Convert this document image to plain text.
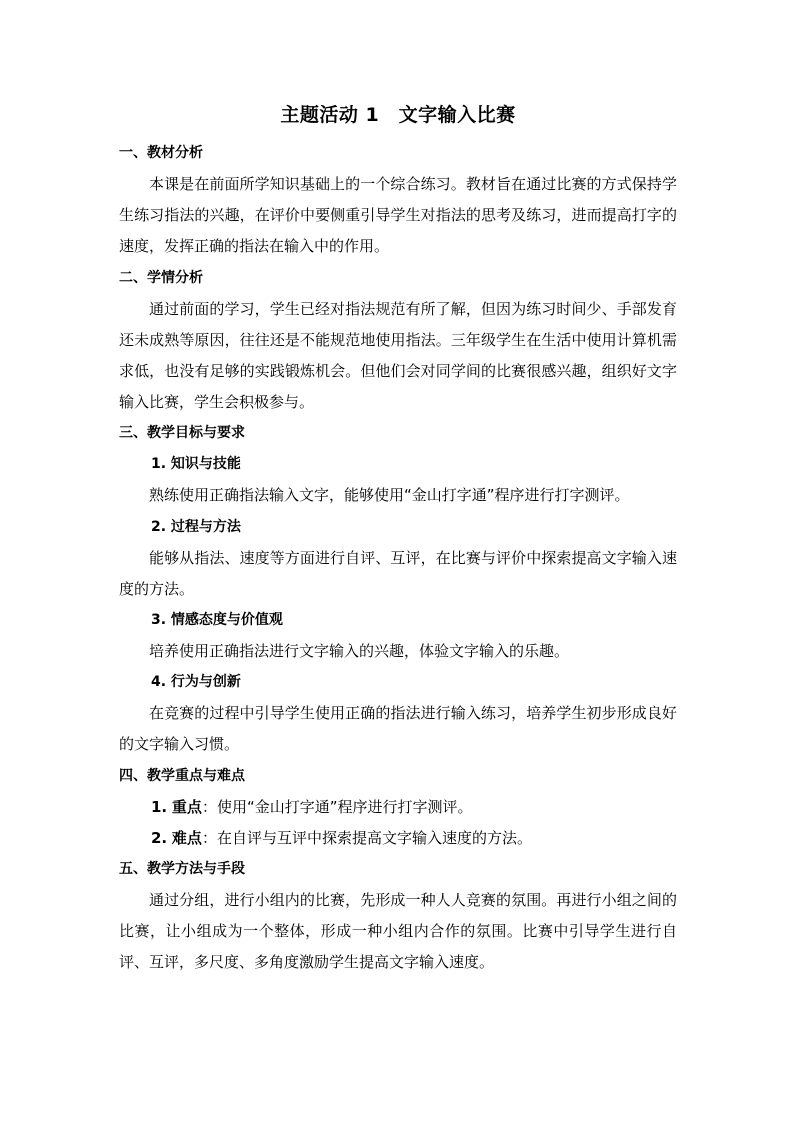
主题活动 1　文字输入比赛
一、教材分析

本课是在前面所学知识基础上的一个综合练习。教材旨在通过比赛的方式保持学生练习指法的兴趣，在评价中要侧重引导学生对指法的思考及练习，进而提高打字的速度，发挥正确的指法在输入中的作用。

二、学情分析

通过前面的学习，学生已经对指法规范有所了解，但因为练习时间少、手部发育还未成熟等原因，往往还是不能规范地使用指法。三年级学生在生活中使用计算机需求低，也没有足够的实践锻炼机会。但他们会对同学间的比赛很感兴趣，组织好文字输入比赛，学生会积极参与。

三、教学目标与要求
1. 知识与技能

熟练使用正确指法输入文字，能够使用“金山打字通”程序进行打字测评。

2. 过程与方法

能够从指法、速度等方面进行自评、互评，在比赛与评价中探索提高文字输入速度的方法。

3. 情感态度与价值观

培养使用正确指法进行文字输入的兴趣，体验文字输入的乐趣。

4. 行为与创新

在竞赛的过程中引导学生使用正确的指法进行输入练习，培养学生初步形成良好的文字输入习惯。

四、教学重点与难点

1. 重点：使用“金山打字通”程序进行打字测评。

2. 难点：在自评与互评中探索提高文字输入速度的方法。

五、教学方法与手段

通过分组，进行小组内的比赛，先形成一种人人竞赛的氛围。再进行小组之间的比赛，让小组成为一个整体，形成一种小组内合作的氛围。比赛中引导学生进行自评、互评，多尺度、多角度激励学生提高文字输入速度。
